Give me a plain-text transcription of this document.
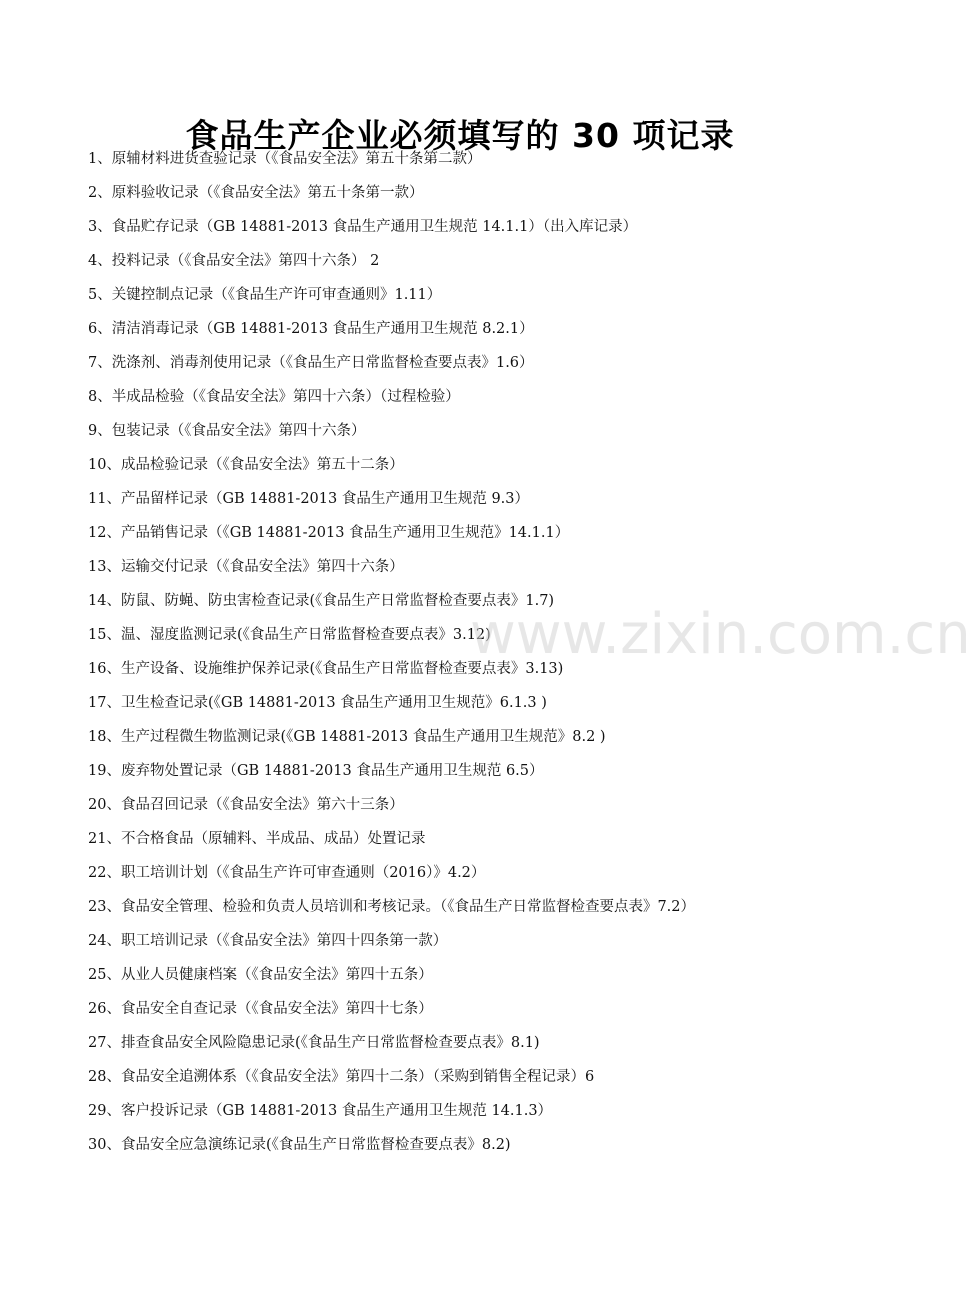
食品生产企业必须填写的 30 项记录
1、原辅材料进货查验记录（《食品安全法》第五十条第二款）
2、原料验收记录（《食品安全法》第五十条第一款）
3、食品贮存记录（GB 14881-2013 食品生产通用卫生规范 14.1.1）（出入库记录）
4、投料记录（《食品安全法》第四十六条） 2
5、关键控制点记录（《食品生产许可审查通则》1.11）
6、清洁消毒记录（GB 14881-2013 食品生产通用卫生规范 8.2.1）
7、洗涤剂、消毒剂使用记录（《食品生产日常监督检查要点表》1.6）
8、半成品检验（《食品安全法》第四十六条）（过程检验）
9、包装记录（《食品安全法》第四十六条）
10、成品检验记录（《食品安全法》第五十二条）
11、产品留样记录（GB 14881-2013 食品生产通用卫生规范 9.3）
12、产品销售记录（《GB 14881-2013 食品生产通用卫生规范》14.1.1）
13、运输交付记录（《食品安全法》第四十六条）
14、防鼠、防蝇、防虫害检查记录(《食品生产日常监督检查要点表》1.7)
15、温、湿度监测记录(《食品生产日常监督检查要点表》3.12)
16、生产设备、设施维护保养记录(《食品生产日常监督检查要点表》3.13)
17、卫生检查记录(《GB 14881-2013 食品生产通用卫生规范》6.1.3 )
18、生产过程微生物监测记录(《GB 14881-2013 食品生产通用卫生规范》8.2 )
19、废弃物处置记录（GB 14881-2013 食品生产通用卫生规范 6.5）
20、食品召回记录（《食品安全法》第六十三条）
21、不合格食品（原辅料、半成品、成品）处置记录
22、职工培训计划（《食品生产许可审查通则（2016）》4.2）
23、食品安全管理、检验和负责人员培训和考核记录。（《食品生产日常监督检查要点表》7.2）
24、职工培训记录（《食品安全法》第四十四条第一款）
25、从业人员健康档案（《食品安全法》第四十五条）
26、食品安全自查记录（《食品安全法》第四十七条）
27、排查食品安全风险隐患记录(《食品生产日常监督检查要点表》8.1)
28、食品安全追溯体系（《食品安全法》第四十二条）（采购到销售全程记录）6
29、客户投诉记录（GB 14881-2013 食品生产通用卫生规范 14.1.3）
30、食品安全应急演练记录(《食品生产日常监督检查要点表》8.2)
www.zixin.com.cn
